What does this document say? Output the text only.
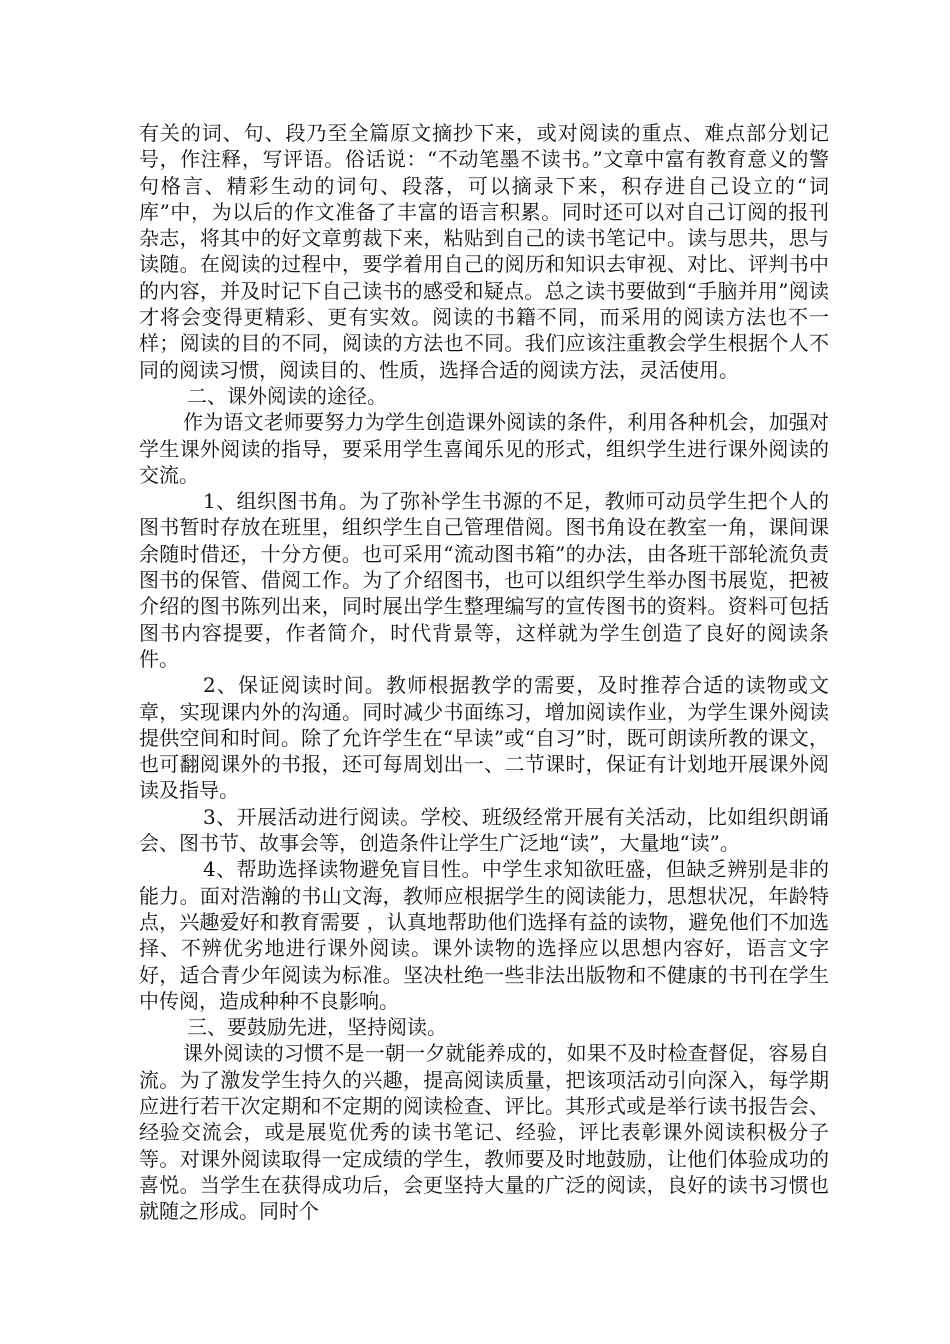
有关的词、句、段乃至全篇原文摘抄下来，或对阅读的重点、难点部分划记号，作注释，写评语。俗话说：“不动笔墨不读书。”文章中富有教育意义的警句格言、精彩生动的词句、段落，可以摘录下来，积存进自己设立的“词库”中，为以后的作文准备了丰富的语言积累。同时还可以对自己订阅的报刊杂志，将其中的好文章剪裁下来，粘贴到自己的读书笔记中。读与思共，思与读随。在阅读的过程中，要学着用自己的阅历和知识去审视、对比、评判书中的内容，并及时记下自己读书的感受和疑点。总之读书要做到“手脑并用”阅读才将会变得更精彩、更有实效。阅读的书籍不同，而采用的阅读方法也不一样；阅读的目的不同，阅读的方法也不同。我们应该注重教会学生根据个人不同的阅读习惯，阅读目的、性质，选择合适的阅读方法，灵活使用。

二、课外阅读的途径。

作为语文老师要努力为学生创造课外阅读的条件，利用各种机会，加强对学生课外阅读的指导，要采用学生喜闻乐见的形式，组织学生进行课外阅读的交流。

1、组织图书角。为了弥补学生书源的不足，教师可动员学生把个人的图书暂时存放在班里，组织学生自己管理借阅。图书角设在教室一角，课间课余随时借还，十分方便。也可采用“流动图书箱”的办法，由各班干部轮流负责图书的保管、借阅工作。为了介绍图书，也可以组织学生举办图书展览，把被介绍的图书陈列出来，同时展出学生整理编写的宣传图书的资料。资料可包括图书内容提要，作者简介，时代背景等，这样就为学生创造了良好的阅读条件。

2、保证阅读时间。教师根据教学的需要，及时推荐合适的读物或文章，实现课内外的沟通。同时减少书面练习，增加阅读作业，为学生课外阅读提供空间和时间。除了允许学生在“早读”或“自习”时，既可朗读所教的课文，也可翻阅课外的书报，还可每周划出一、二节课时，保证有计划地开展课外阅读及指导。

3、开展活动进行阅读。学校、班级经常开展有关活动，比如组织朗诵会、图书节、故事会等，创造条件让学生广泛地“读”，大量地“读”。

4、帮助选择读物避免盲目性。中学生求知欲旺盛，但缺乏辨别是非的能力。面对浩瀚的书山文海，教师应根据学生的阅读能力，思想状况，年龄特点，兴趣爱好和教育需要 ，认真地帮助他们选择有益的读物，避免他们不加选择、不辨优劣地进行课外阅读。课外读物的选择应以思想内容好，语言文字好，适合青少年阅读为标准。坚决杜绝一些非法出版物和不健康的书刊在学生中传阅，造成种种不良影响。

三、要鼓励先进，坚持阅读。

课外阅读的习惯不是一朝一夕就能养成的，如果不及时检查督促，容易自流。为了激发学生持久的兴趣，提高阅读质量，把该项活动引向深入，每学期应进行若干次定期和不定期的阅读检查、评比。其形式或是举行读书报告会、经验交流会，或是展览优秀的读书笔记、经验，评比表彰课外阅读积极分子等。对课外阅读取得一定成绩的学生，教师要及时地鼓励，让他们体验成功的喜悦。当学生在获得成功后，会更坚持大量的广泛的阅读，良好的读书习惯也就随之形成。同时个
